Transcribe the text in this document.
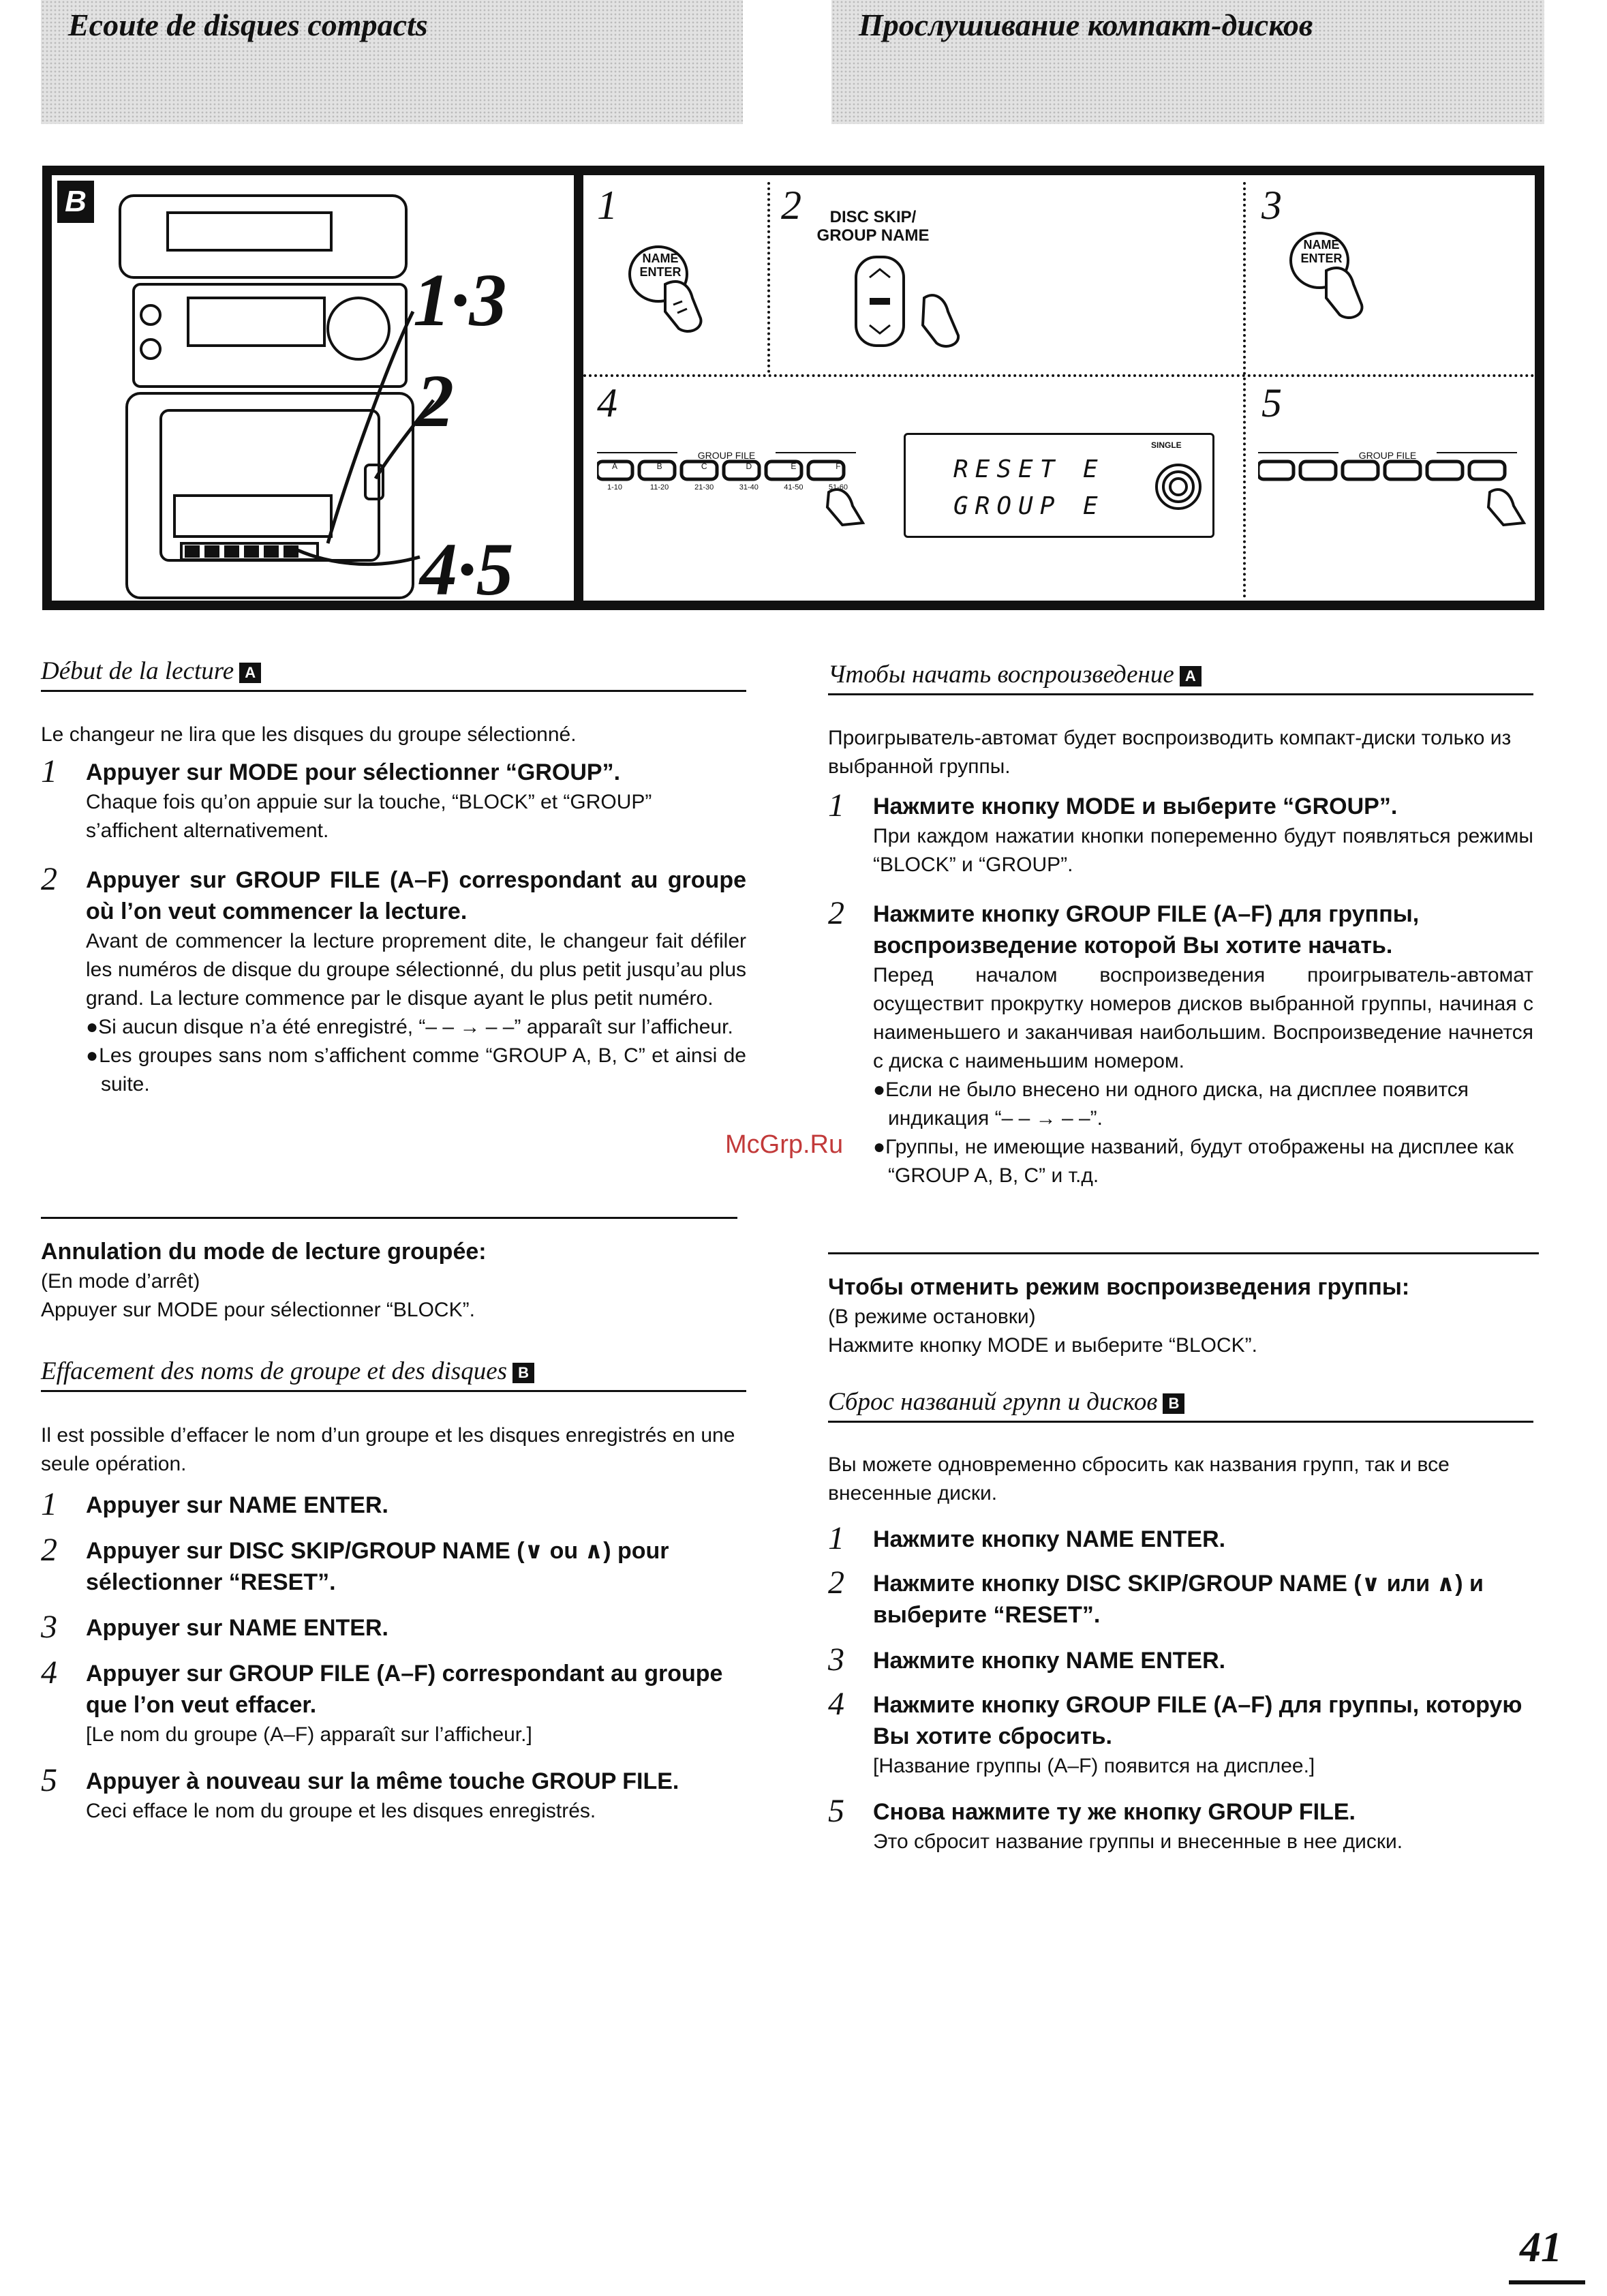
Ecoute de disques compacts	Прослушивание компакт-дисков
B
1·3
2
4·5
1	2	3
4	5
NAME ENTER
DISC SKIP/ GROUP NAME	NAME ENTER
GROUP FILE
A	B	C	D	E	F
1-10	11-20	21-30	31-40	41-50	51-60
RESET E
GROUP E
SINGLE
GROUP FILE
Début de la lecture A
Le changeur ne lira que les disques du groupe sélectionné.
1 Appuyer sur MODE pour sélectionner “GROUP”.
Chaque fois qu’on appuie sur la touche, “BLOCK” et “GROUP” s’affichent alternativement.
2 Appuyer sur GROUP FILE (A–F) correspondant au groupe où l’on veut commencer la lecture.
Avant de commencer la lecture proprement dite, le changeur fait défiler les numéros de disque du groupe sélectionné, du plus petit jusqu’au plus grand. La lecture commence par le disque ayant le plus petit numéro.
●Si aucun disque n’a été enregistré, “– – → – –” apparaît sur l’afficheur.
●Les groupes sans nom s’affichent comme “GROUP A, B, C” et ainsi de suite.
Annulation du mode de lecture groupée:
(En mode d’arrêt)
Appuyer sur MODE pour sélectionner “BLOCK”.
Effacement des noms de groupe et des disques B
Il est possible d’effacer le nom d’un groupe et les disques enregistrés en une seule opération.
1 Appuyer sur NAME ENTER.
2 Appuyer sur DISC SKIP/GROUP NAME (∨ ou ∧) pour sélectionner “RESET”.
3 Appuyer sur NAME ENTER.
4 Appuyer sur GROUP FILE (A–F) correspondant au groupe que l’on veut effacer.
[Le nom du groupe (A–F) apparaît sur l’afficheur.]
5 Appuyer à nouveau sur la même touche GROUP FILE.
Ceci efface le nom du groupe et les disques enregistrés.
Чтобы начать воспроизведение A
Проигрыватель-автомат будет воспроизводить компакт-диски только из выбранной группы.
1 Нажмите кнопку MODE и выберите “GROUP”.
При каждом нажатии кнопки попеременно будут появляться режимы “BLOCK” и “GROUP”.
2 Нажмите кнопку GROUP FILE (A–F) для группы, воспроизведение которой Вы хотите начать.
Перед началом воспроизведения проигрыватель-автомат осуществит прокрутку номеров дисков выбранной группы, начиная с наименьшего и заканчивая наибольшим. Воспроизведение начнется с диска с наименьшим номером.
●Если не было внесено ни одного диска, на дисплее появится индикация “– – → – –”.
●Группы, не имеющие названий, будут отображены на дисплее как “GROUP A, B, C” и т.д.
Чтобы отменить режим воспроизведения группы:
(В режиме остановки)
Нажмите кнопку MODE и выберите “BLOCK”.
Сброс названий групп и дисков B
Вы можете одновременно сбросить как названия групп, так и все внесенные диски.
1 Нажмите кнопку NAME ENTER.
2 Нажмите кнопку DISC SKIP/GROUP NAME (∨ или ∧) и выберите “RESET”.
3 Нажмите кнопку NAME ENTER.
4 Нажмите кнопку GROUP FILE (A–F) для группы, которую Вы хотите сбросить.
[Название группы (A–F) появится на дисплее.]
5 Снова нажмите ту же кнопку GROUP FILE.
Это сбросит название группы и внесенные в нее диски.
McGrp.Ru
41
